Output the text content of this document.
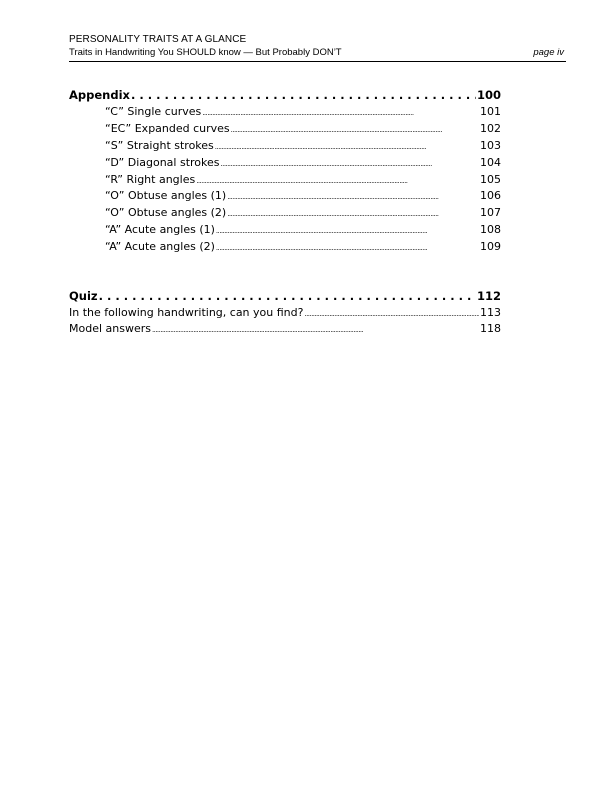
PERSONALITY TRAITS AT A GLANCE
Traits in Handwriting You SHOULD know — But Probably DON’T	page iv
Appendix . . .	100
“C” Single curves . . .	101
“EC” Expanded curves . . .	102
“S” Straight strokes . . .	103
“D” Diagonal strokes . . .	104
“R” Right angles . . .	105
“O” Obtuse angles (1) . . .	106
“O” Obtuse angles (2) . . .	107
“A” Acute angles (1) . . .	108
“A” Acute angles (2) . . .	109
Quiz . . .	112
In the following handwriting, can you find? . . .	113
Model answers . . .	118
